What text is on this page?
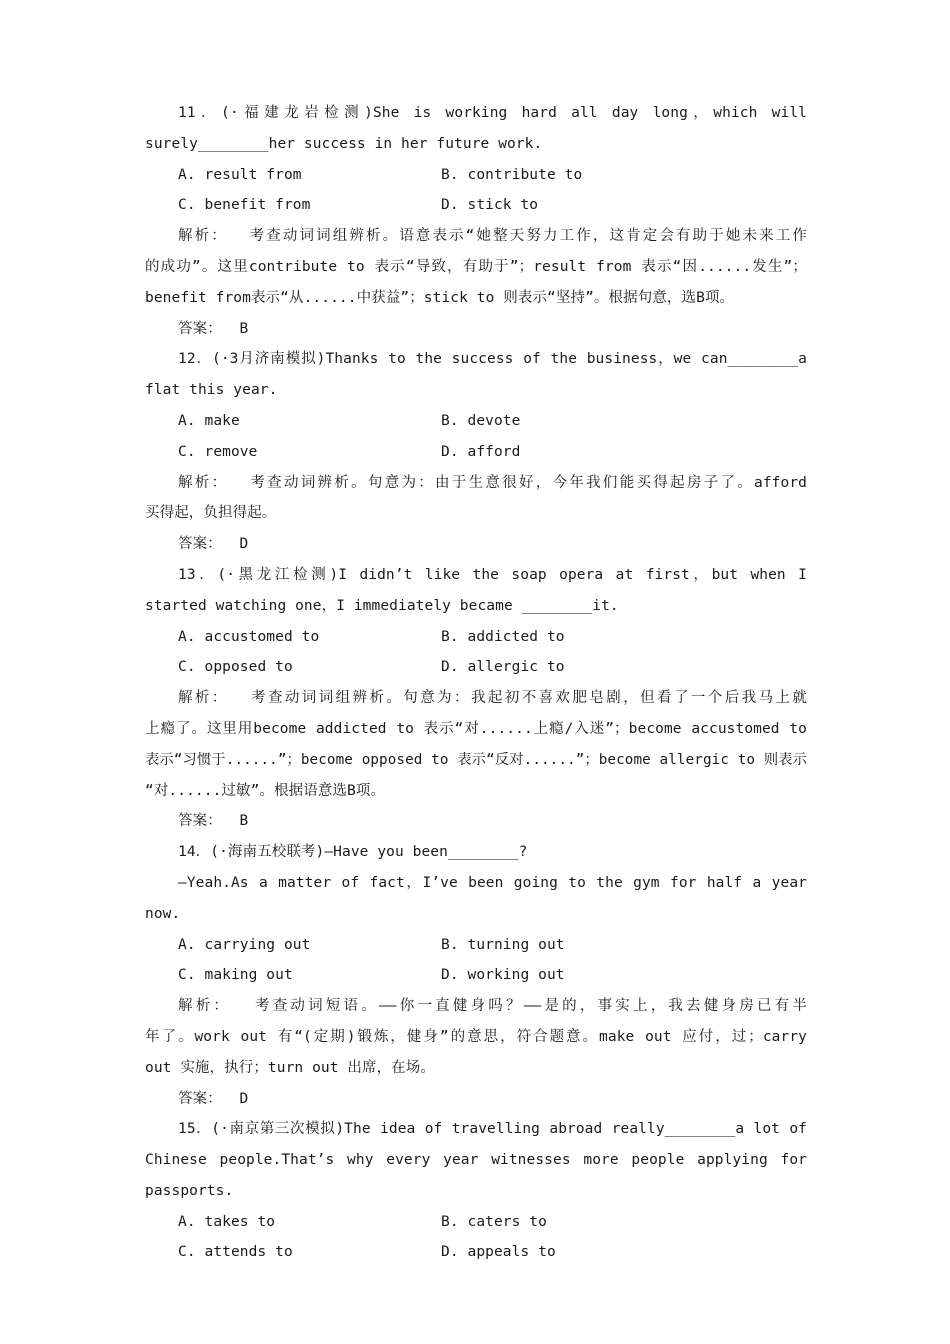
11．(·福建龙岩检测)She is working hard all day long，which will
surely________her success in her future work.
A. result from	B. contribute to
C. benefit from	D. stick to
解析：  考查动词词组辨析。语意表示“她整天努力工作，这肯定会有助于她未来工作
的成功”。这里contribute to 表示“导致，有助于”；result from 表示“因......发生”；
benefit from表示“从......中获益”；stick to 则表示“坚持”。根据句意，选B项。
答案：  B
12．(·3月济南模拟)Thanks to the success of the business，we can________a
flat this year.
A. make	B. devote
C. remove	D. afford
解析：  考查动词辨析。句意为：由于生意很好，今年我们能买得起房子了。afford
买得起，负担得起。
答案：  D
13．(·黑龙江检测)I didn’t like the soap opera at first，but when I
started watching one，I immediately became ________it.
A. accustomed to	B. addicted to
C. opposed to	D. allergic to
解析：  考查动词词组辨析。句意为：我起初不喜欢肥皂剧，但看了一个后我马上就
上瘾了。这里用become addicted to 表示“对......上瘾/入迷”；become accustomed to
表示“习惯于......”；become opposed to 表示“反对......”；become allergic to 则表示
“对......过敏”。根据语意选B项。
答案：  B
14．(·海南五校联考)—Have you been________?
—Yeah.As a matter of fact，I’ve been going to the gym for half a year
now.
A. carrying out	B. turning out
C. making out	D. working out
解析：  考查动词短语。——你一直健身吗？——是的，事实上，我去健身房已有半
年了。work out 有“(定期)锻炼，健身”的意思，符合题意。make out 应付，过；carry
out 实施，执行；turn out 出席，在场。
答案：  D
15．(·南京第三次模拟)The idea of travelling abroad really________a lot of
Chinese people.That’s why every year witnesses more people applying for
passports.
A. takes to	B. caters to
C. attends to	D. appeals to
